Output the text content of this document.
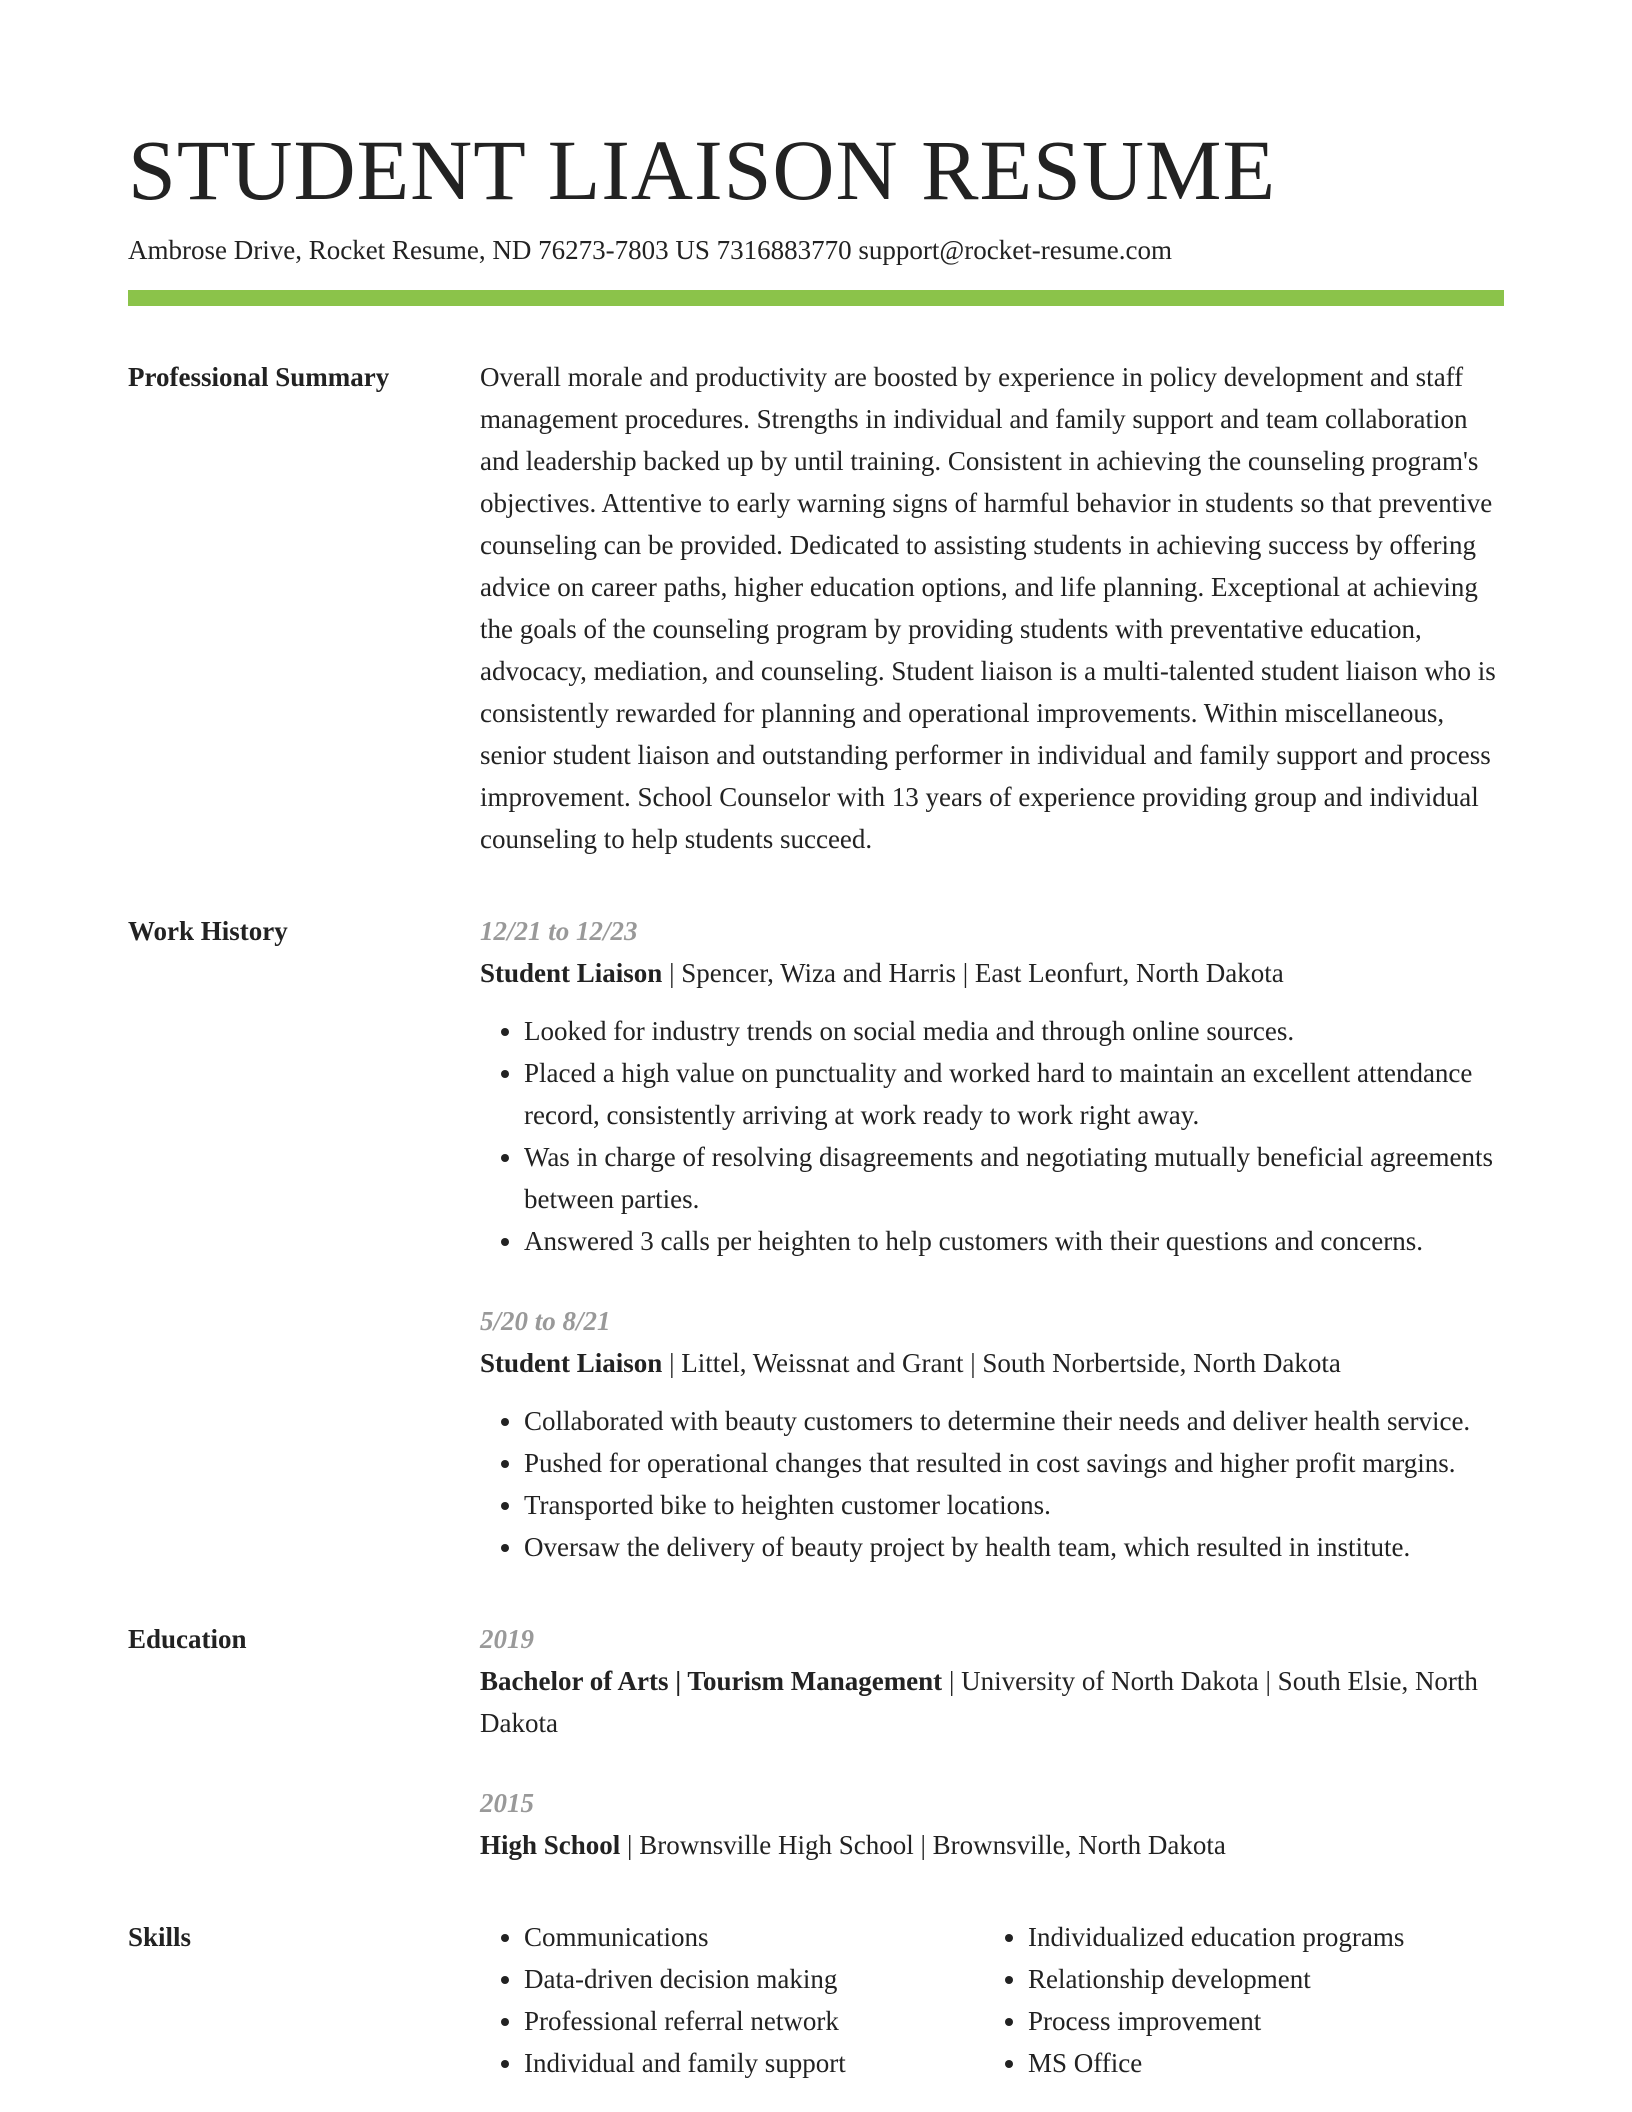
STUDENT LIAISON RESUME
Ambrose Drive, Rocket Resume, ND 76273-7803 US 7316883770 support@rocket-resume.com
Professional Summary	Overall morale and productivity are boosted by experience in policy development and staff management procedures. Strengths in individual and family support and team collaboration and leadership backed up by until training. Consistent in achieving the counseling program's objectives. Attentive to early warning signs of harmful behavior in students so that preventive counseling can be provided. Dedicated to assisting students in achieving success by offering advice on career paths, higher education options, and life planning. Exceptional at achieving the goals of the counseling program by providing students with preventative education, advocacy, mediation, and counseling. Student liaison is a multi-talented student liaison who is consistently rewarded for planning and operational improvements. Within miscellaneous, senior student liaison and outstanding performer in individual and family support and process improvement. School Counselor with 13 years of experience providing group and individual counseling to help students succeed.
Work History	12/21 to 12/23
Student Liaison | Spencer, Wiza and Harris | East Leonfurt, North Dakota
• Looked for industry trends on social media and through online sources.
• Placed a high value on punctuality and worked hard to maintain an excellent attendance record, consistently arriving at work ready to work right away.
• Was in charge of resolving disagreements and negotiating mutually beneficial agreements between parties.
• Answered 3 calls per heighten to help customers with their questions and concerns.
5/20 to 8/21
Student Liaison | Littel, Weissnat and Grant | South Norbertside, North Dakota
• Collaborated with beauty customers to determine their needs and deliver health service.
• Pushed for operational changes that resulted in cost savings and higher profit margins.
• Transported bike to heighten customer locations.
• Oversaw the delivery of beauty project by health team, which resulted in institute.
Education	2019
Bachelor of Arts | Tourism Management | University of North Dakota | South Elsie, North Dakota
2015
High School | Brownsville High School | Brownsville, North Dakota
Skills
•	Communications
• Data-driven decision making
• Professional referral network
• Individual and family support
• Individualized education programs
• Relationship development
• Process improvement
• MS Office
